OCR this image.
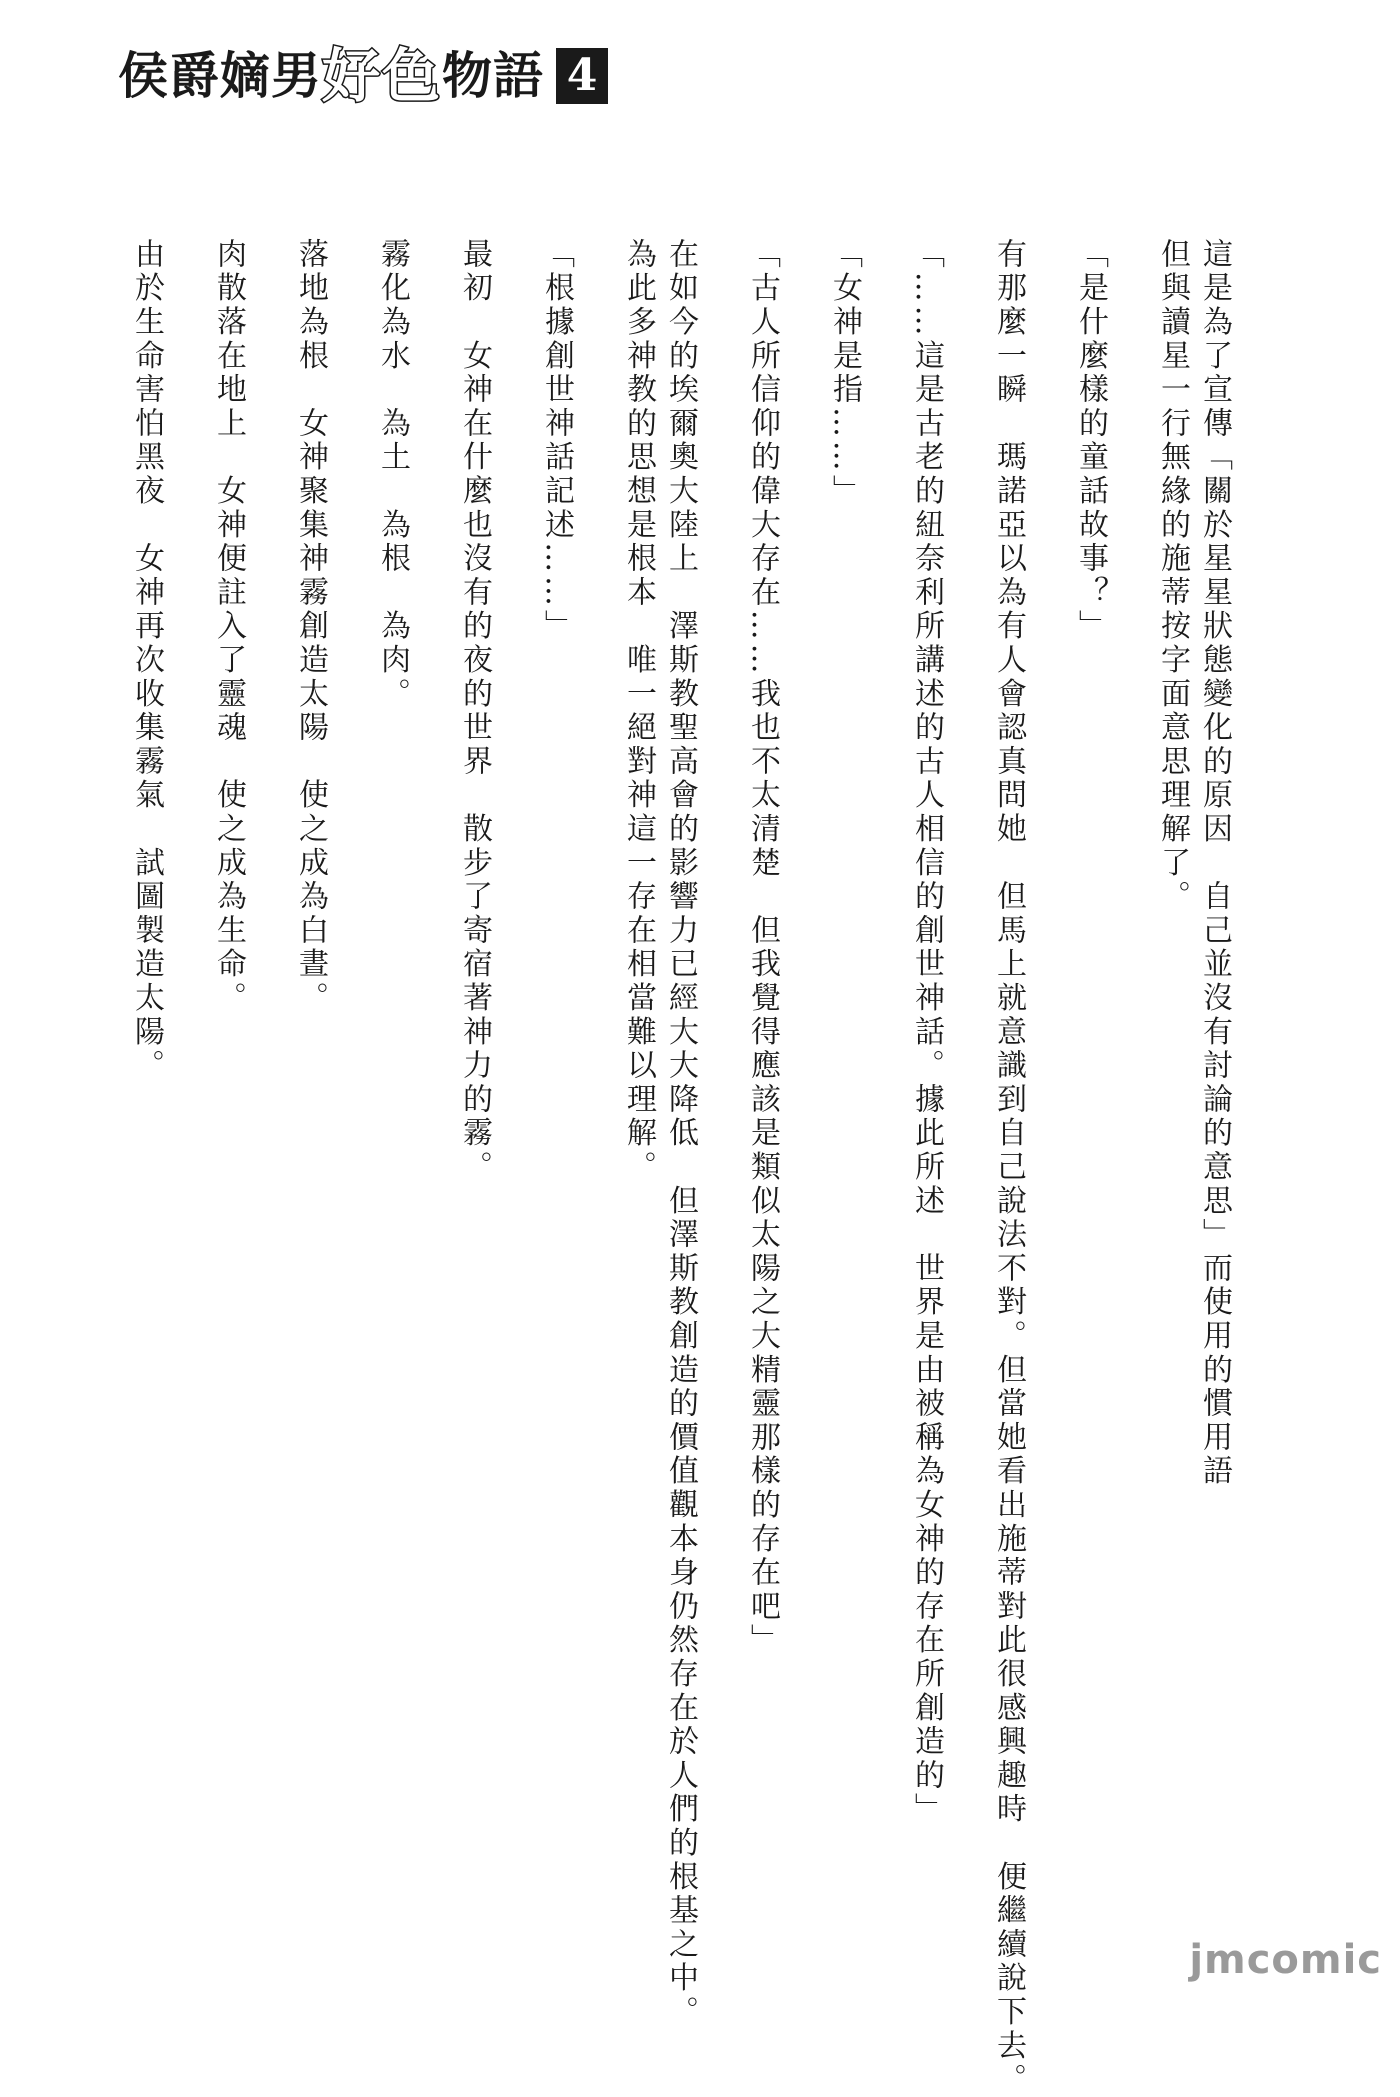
侯爵嫡男 好色 物語 4
這是為了宣傳「關於星星狀態變化的原因　自己並沒有討論的意思」而使用的慣用語
但與讀星一行無緣的施蒂按字面意思理解了。
「是什麼樣的童話故事？」
有那麼一瞬　瑪諾亞以為有人會認真問她　但馬上就意識到自己說法不對。但當她看出施蒂對此很感興趣時　便繼續說下去。
「……這是古老的紐奈利所講述的古人相信的創世神話。據此所述　世界是由被稱為女神的存在所創造的」
「女神是指……」
「古人所信仰的偉大存在……我也不太清楚　但我覺得應該是類似太陽之大精靈那樣的存在吧」
在如今的埃爾奧大陸上　澤斯教聖高會的影響力已經大大降低　但澤斯教創造的價值觀本身仍然存在於人們的根基之中。
為此多神教的思想是根本　唯一絕對神這一存在相當難以理解。
「根據創世神話記述……」
最初　女神在什麼也沒有的夜的世界　散步了寄宿著神力的霧。
霧化為水　為土　為根　為肉。
落地為根　女神聚集神霧創造太陽　使之成為白晝。
肉散落在地上　女神便註入了靈魂　使之成為生命。
由於生命害怕黑夜　女神再次收集霧氣　試圖製造太陽。
jmcomic
